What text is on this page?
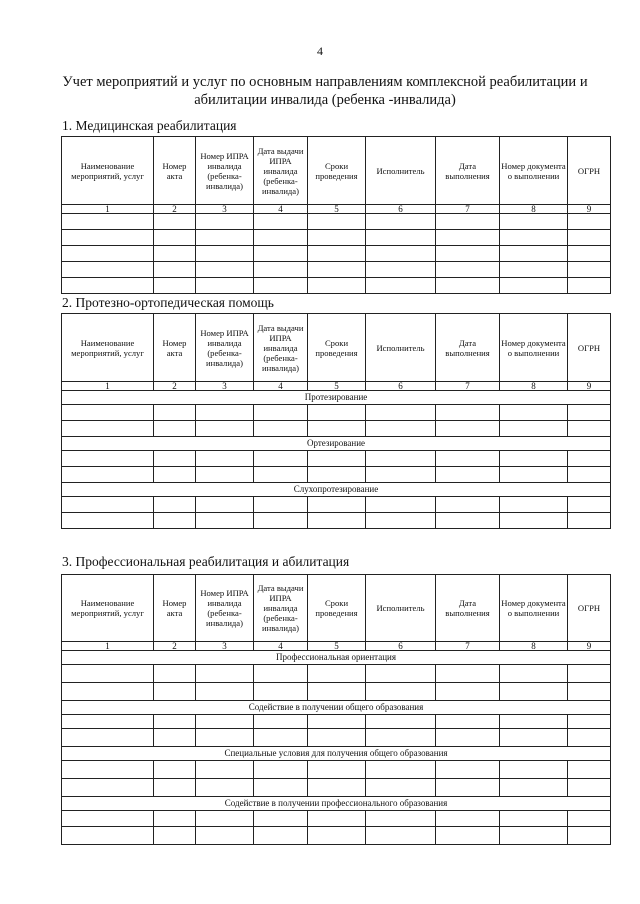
4
Учет мероприятий и услуг по основным направлениям комплексной реабилитации и
абилитации инвалида (ребенка -инвалида)
1. Медицинская реабилитация
Наименование мероприятий, услуг	Номер акта	Номер ИПРА инвалида (ребенка-инвалида)	Дата выдачи ИПРА инвалида (ребенка-инвалида)	Сроки проведения	Исполнитель	Дата выполнения	Номер документа о выполнении	ОГРН
1	2	3	4	5	6	7	8	9

2. Протезно-ортопедическая помощь
Наименование мероприятий, услуг	Номер акта	Номер ИПРА инвалида (ребенка-инвалида)	Дата выдачи ИПРА инвалида (ребенка-инвалида)	Сроки проведения	Исполнитель	Дата выполнения	Номер документа о выполнении	ОГРН
1	2	3	4	5	6	7	8	9
Протезирование								

Ортезирование								

Слухопротезирование								

3. Профессиональная реабилитация и абилитация
Наименование мероприятий, услуг	Номер акта	Номер ИПРА инвалида (ребенка-инвалида)	Дата выдачи ИПРА инвалида (ребенка-инвалида)	Сроки проведения	Исполнитель	Дата выполнения	Номер документа о выполнении	ОГРН
1	2	3	4	5	6	7	8	9
Профессиональная ориентация								

Содействие в получении общего образования								

Специальные условия для получения общего образования								

Содействие в получении профессионального образования								
